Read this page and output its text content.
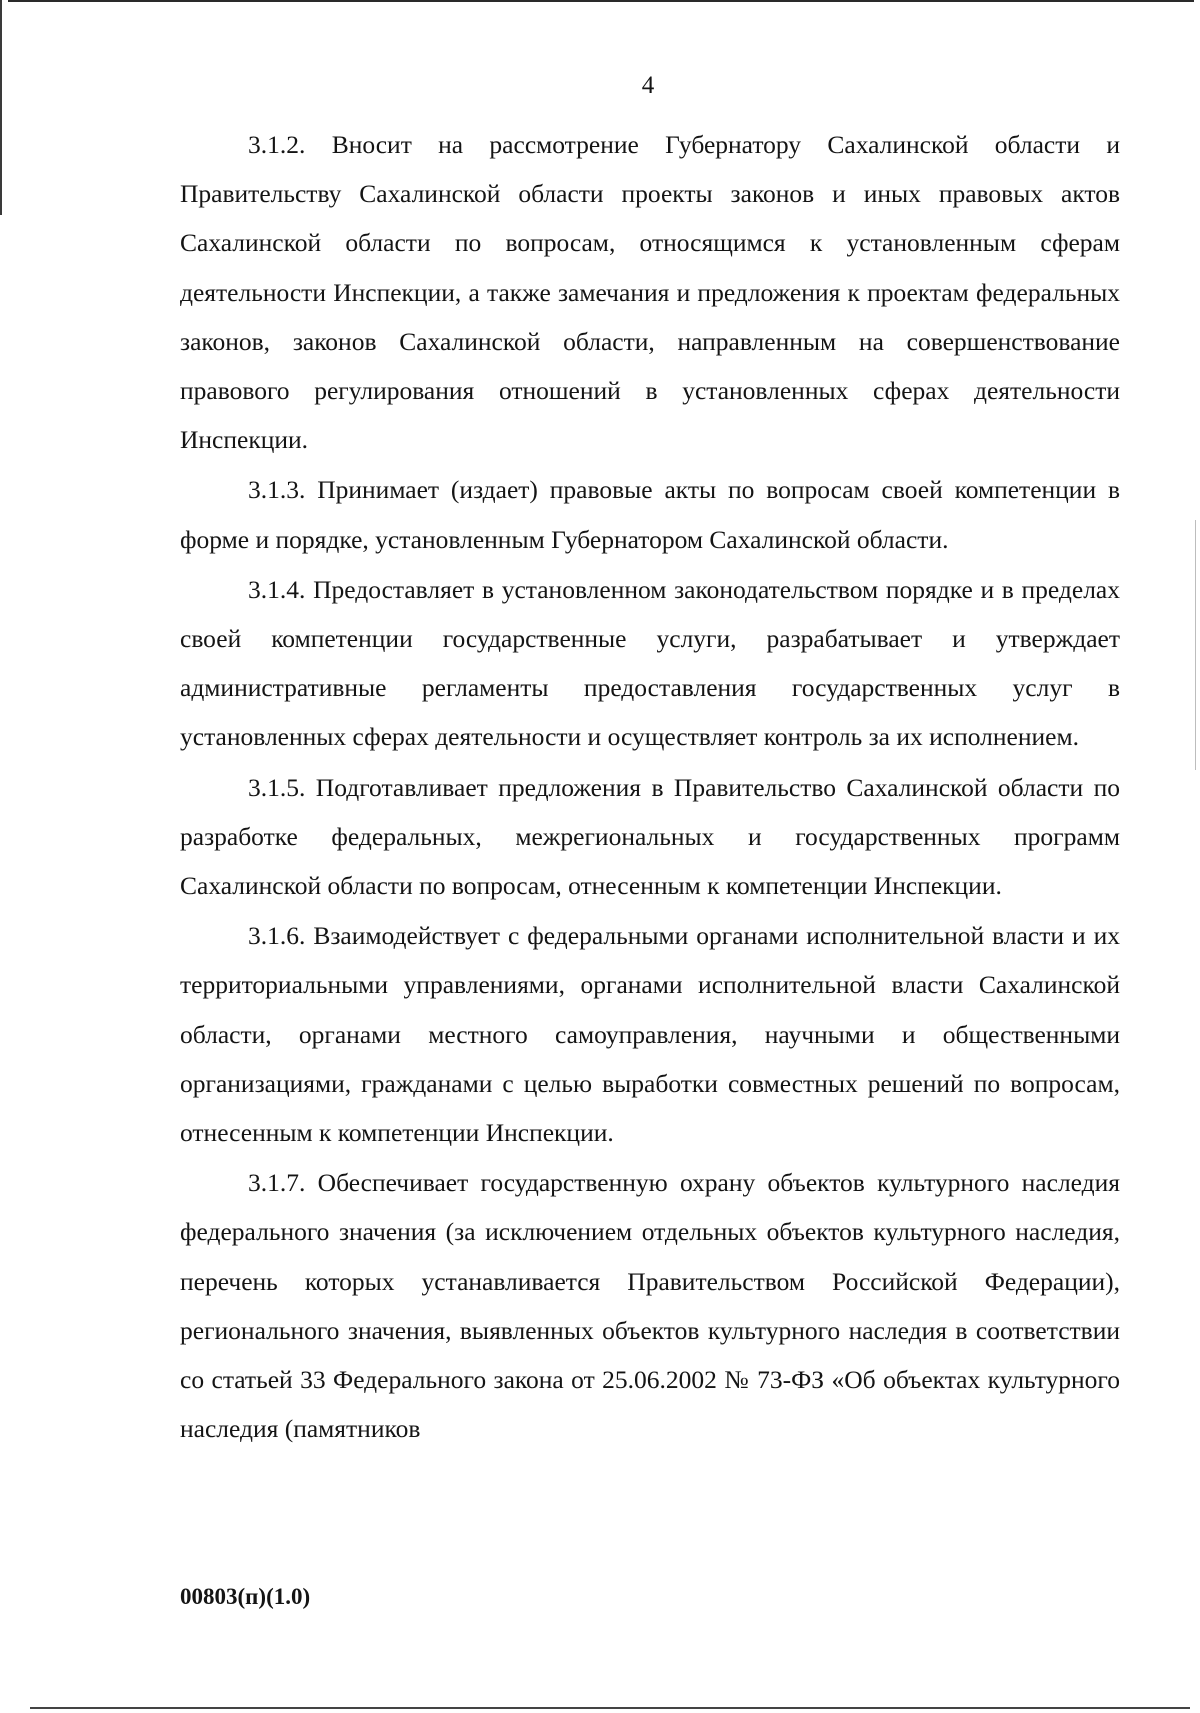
4

3.1.2. Вносит на рассмотрение Губернатору Сахалинской области и Правительству Сахалинской области проекты законов и иных правовых актов Сахалинской области по вопросам, относящимся к установленным сферам деятельности Инспекции, а также замечания и предложения к проектам федеральных законов, законов Сахалинской области, направленным на совершенствование правового регулирования отношений в установленных сферах деятельности Инспекции.

3.1.3. Принимает (издает) правовые акты по вопросам своей компетенции в форме и порядке, установленным Губернатором Сахалинской области.

3.1.4. Предоставляет в установленном законодательством порядке и в пределах своей компетенции государственные услуги, разрабатывает и утверждает административные регламенты предоставления государственных услуг в установленных сферах деятельности и осуществляет контроль за их исполнением.

3.1.5. Подготавливает предложения в Правительство Сахалинской области по разработке федеральных, межрегиональных и государственных программ Сахалинской области по вопросам, отнесенным к компетенции Инспекции.

3.1.6. Взаимодействует с федеральными органами исполнительной власти и их территориальными управлениями, органами исполнительной власти Сахалинской области, органами местного самоуправления, научными и общественными организациями, гражданами с целью выработки совместных решений по вопросам, отнесенным к компетенции Инспекции.

3.1.7. Обеспечивает государственную охрану объектов культурного наследия федерального значения (за исключением отдельных объектов культурного наследия, перечень которых устанавливается Правительством Российской Федерации), регионального значения, выявленных объектов культурного наследия в соответствии со статьей 33 Федерального закона от 25.06.2002 № 73-ФЗ «Об объектах культурного наследия (памятников

00803(п)(1.0)
